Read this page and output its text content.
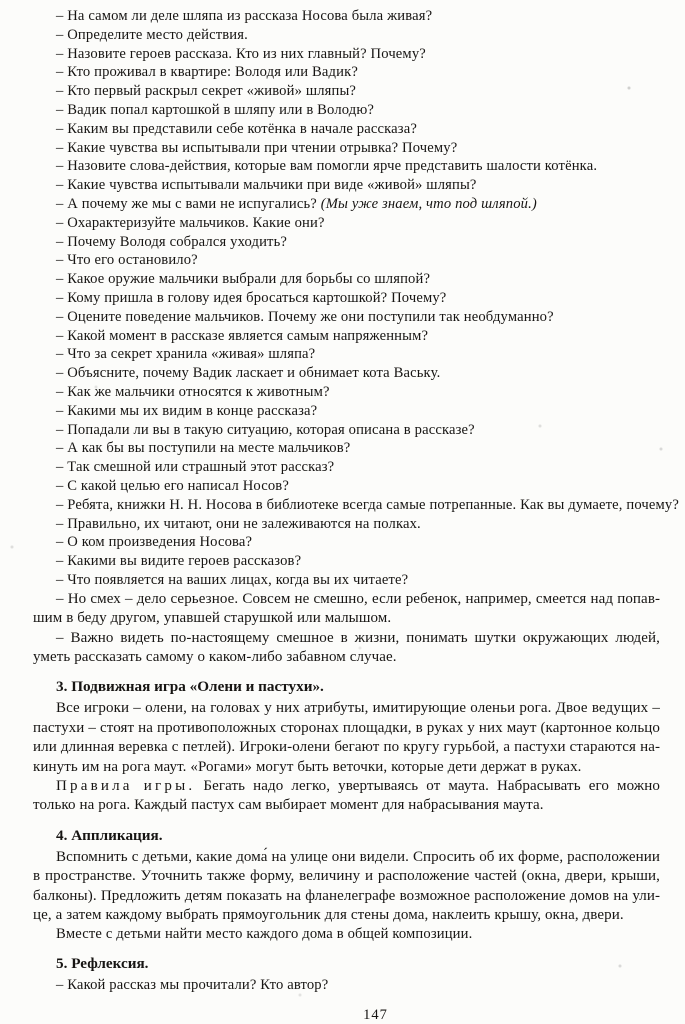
– На самом ли деле шляпа из рассказа Носова была живая?

– Определите место действия.

– Назовите героев рассказа. Кто из них главный? Почему?

– Кто проживал в квартире: Володя или Вадик?

– Кто первый раскрыл секрет «живой» шляпы?

– Вадик попал картошкой в шляпу или в Володю?

– Каким вы представили себе котёнка в начале рассказа?

– Какие чувства вы испытывали при чтении отрывка? Почему?

– Назовите слова-действия, которые вам помогли ярче представить шалости котёнка.

– Какие чувства испытывали мальчики при виде «живой» шляпы?

– А почему же мы с вами не испугались? (Мы уже знаем, что под шляпой.)

– Охарактеризуйте мальчиков. Какие они?

– Почему Володя собрался уходить?

– Что его остановило?

– Какое оружие мальчики выбрали для борьбы со шляпой?

– Кому пришла в голову идея бросаться картошкой? Почему?

– Оцените поведение мальчиков. Почему же они поступили так необдуманно?

– Какой момент в рассказе является самым напряженным?

– Что за секрет хранила «живая» шляпа?

– Объясните, почему Вадик ласкает и обнимает кота Ваську.

– Как же мальчики относятся к животным?

– Какими мы их видим в конце рассказа?

– Попадали ли вы в такую ситуацию, которая описана в рассказе?

– А как бы вы поступили на месте мальчиков?

– Так смешной или страшный этот рассказ?

– С какой целью его написал Носов?

– Ребята, книжки Н. Н. Носова в библиотеке всегда самые потрепанные. Как вы думаете, почему?

– Правильно, их читают, они не залеживаются на полках.

– О ком произведения Носова?

– Какими вы видите героев рассказов?

– Что появляется на ваших лицах, когда вы их читаете?

– Но смех – дело серьезное. Совсем не смешно, если ребенок, например, смеется над попавшим в беду другом, упавшей старушкой или малышом.

– Важно видеть по-настоящему смешное в жизни, понимать шутки окружающих людей, уметь рассказать самому о каком-либо забавном случае.

3. Подвижная игра «Олени и пастухи».

Все игроки – олени, на головах у них атрибуты, имитирующие оленьи рога. Двое ведущих – пастухи – стоят на противоположных сторонах площадки, в руках у них маут (картонное кольцо или длинная веревка с петлей). Игроки-олени бегают по кругу гурьбой, а пастухи стараются накинуть им на рога маут. «Рогами» могут быть веточки, которые дети держат в руках.

Правила игры. Бегать надо легко, увертываясь от маута. Набрасывать его можно только на рога. Каждый пастух сам выбирает момент для набрасывания маута.

4. Аппликация.

Вспомнить с детьми, какие дома́ на улице они видели. Спросить об их форме, расположении в пространстве. Уточнить также форму, величину и расположение частей (окна, двери, крыши, балконы). Предложить детям показать на фланелеграфе возможное расположение домов на улице, а затем каждому выбрать прямоугольник для стены дома, наклеить крышу, окна, двери.

Вместе с детьми найти место каждого дома в общей композиции.

5. Рефлексия.

– Какой рассказ мы прочитали? Кто автор?

147
